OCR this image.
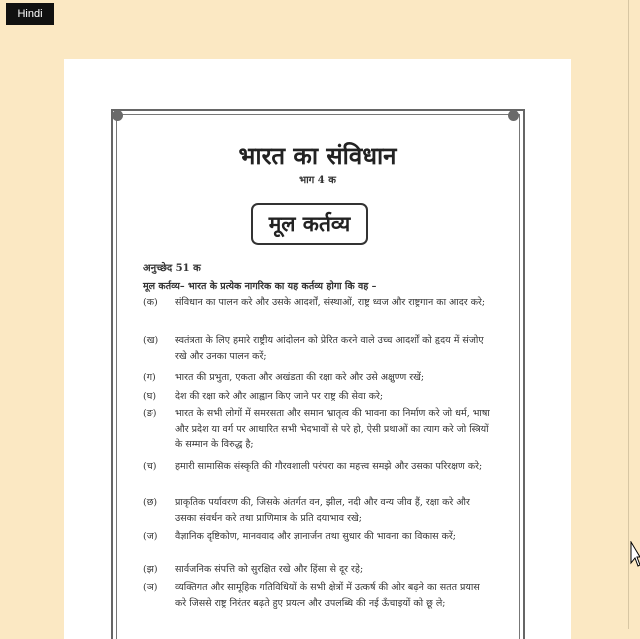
Hindi
भारत का संविधान
भाग 4 क
मूल कर्तव्य
अनुच्छेद 51 क
मूल कर्तव्य– भारत के प्रत्येक नागरिक का यह कर्तव्य होगा कि वह –
(क)	संविधान का पालन करे और उसके आदर्शों, संस्थाओं, राष्ट्र ध्वज और राष्ट्रगान का आदर करे;
(ख)	स्वतंत्रता के लिए हमारे राष्ट्रीय आंदोलन को प्रेरित करने वाले उच्च आदर्शों को हृदय में संजोए रखे और उनका पालन करें;
(ग)	भारत की प्रभुता, एकता और अखंडता की रक्षा करे और उसे अक्षुण्ण रखें;
(घ)	देश की रक्षा करे और आह्वान किए जाने पर राष्ट्र की सेवा करे;
(ङ)	भारत के सभी लोगों में समरसता और समान भ्रातृत्व की भावना का निर्माण करे जो धर्म, भाषा और प्रदेश या वर्ग पर आधारित सभी भेदभावों से परे हो, ऐसी प्रथाओं का त्याग करे जो स्त्रियों के सम्मान के विरुद्ध है;
(च)	हमारी सामासिक संस्कृति की गौरवशाली परंपरा का महत्त्व समझे और उसका परिरक्षण करे;
(छ)	प्राकृतिक पर्यावरण की, जिसके अंतर्गत वन, झील, नदी और वन्य जीव हैं, रक्षा करे और उसका संवर्धन करे तथा प्राणिमात्र के प्रति दयाभाव रखे;
(ज)	वैज्ञानिक दृष्टिकोण, मानववाद और ज्ञानार्जन तथा सुधार की भावना का विकास करें;
(झ)	सार्वजनिक संपत्ति को सुरक्षित रखे और हिंसा से दूर रहे;
(ञ)	व्यक्तिगत और सामूहिक गतिविधियों के सभी क्षेत्रों में उत्कर्ष की ओर बढ़ने का सतत प्रयास करे जिससे राष्ट्र निरंतर बढ़ते हुए प्रयत्न और उपलब्धि की नई ऊँचाइयों को छू ले;
